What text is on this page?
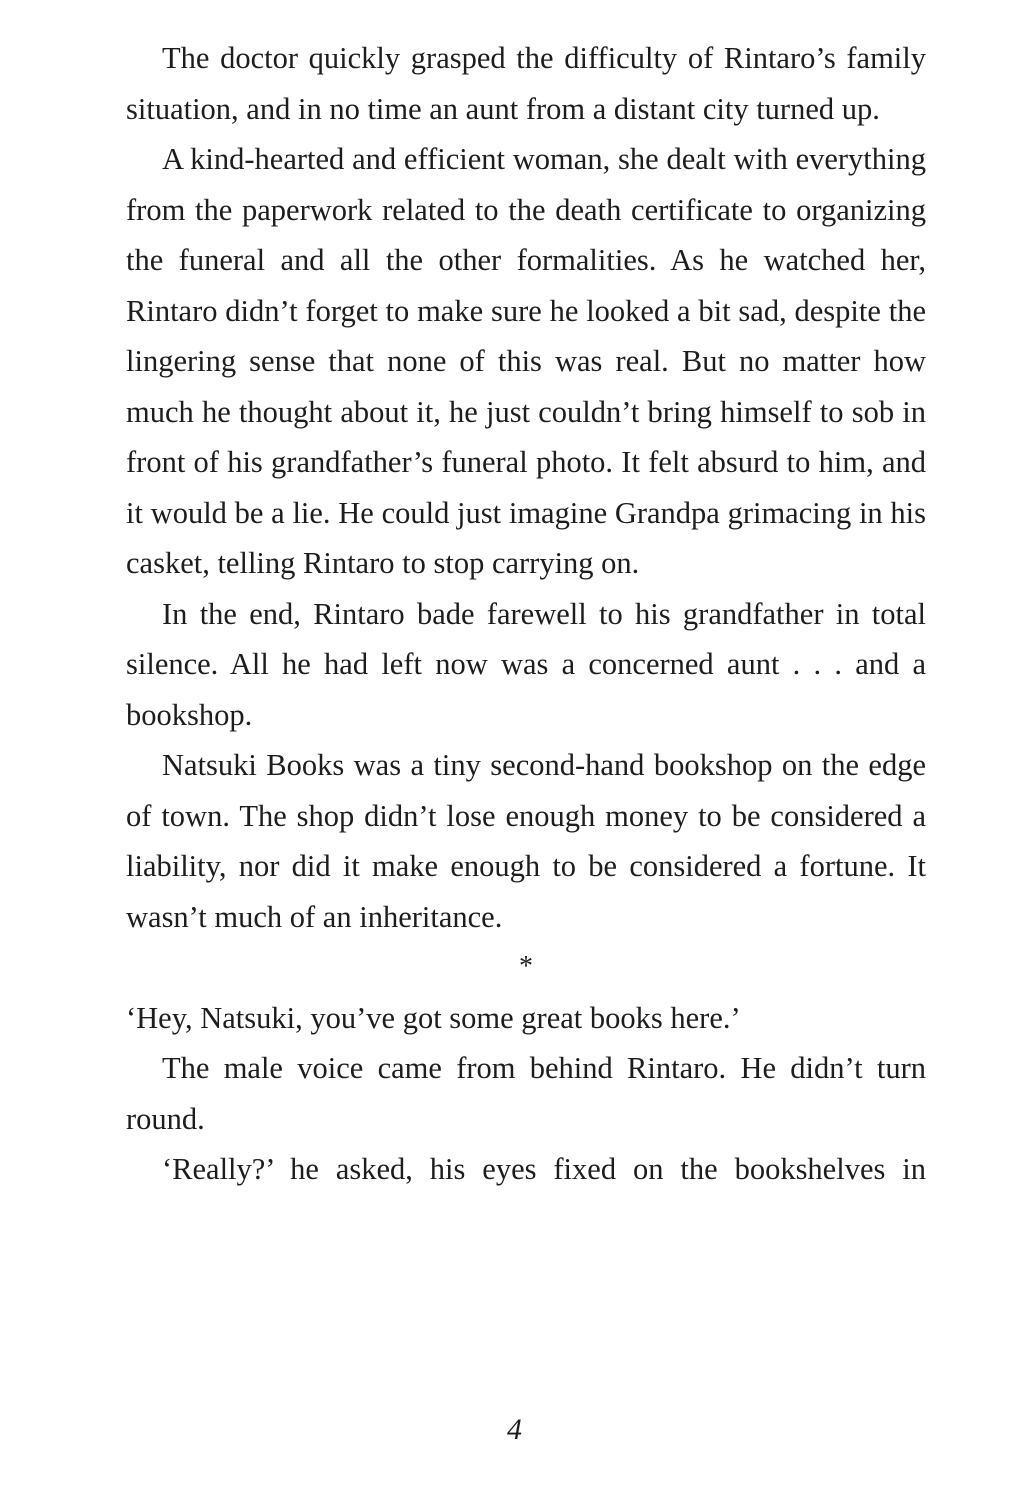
The doctor quickly grasped the difficulty of Rintaro’s family situation, and in no time an aunt from a distant city turned up.

A kind-hearted and efficient woman, she dealt with everything from the paperwork related to the death certificate to organizing the funeral and all the other formalities. As he watched her, Rintaro didn’t forget to make sure he looked a bit sad, despite the lingering sense that none of this was real. But no matter how much he thought about it, he just couldn’t bring himself to sob in front of his grandfather’s funeral photo. It felt absurd to him, and it would be a lie. He could just imagine Grandpa grimacing in his casket, telling Rintaro to stop carrying on.

In the end, Rintaro bade farewell to his grandfather in total silence. All he had left now was a concerned aunt . . . and a bookshop.

Natsuki Books was a tiny second-hand bookshop on the edge of town. The shop didn’t lose enough money to be considered a liability, nor did it make enough to be considered a fortune. It wasn’t much of an inheritance.

*

‘Hey, Natsuki, you’ve got some great books here.’

The male voice came from behind Rintaro. He didn’t turn round.

‘Really?’ he asked, his eyes fixed on the bookshelves in

4
